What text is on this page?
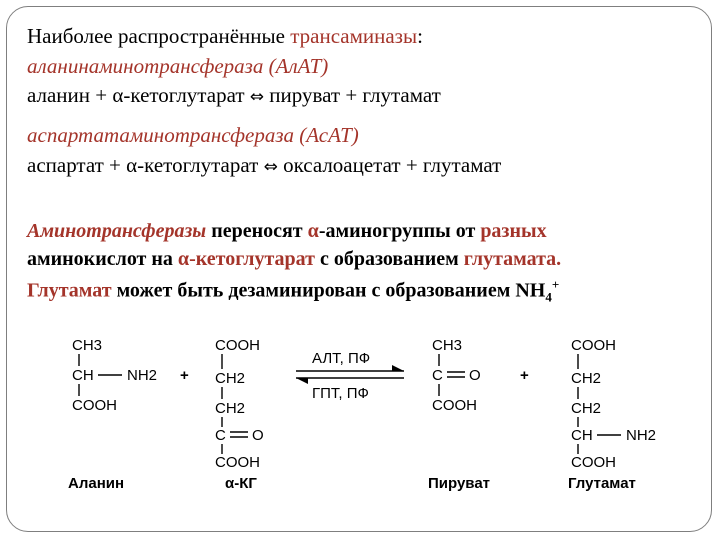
Наиболее распространённые трансаминазы:
аланинаминотрансфераза (АлАТ)
аланин + α-кетоглутарат ⇔ пируват + глутамат
аспартатаминотрансфераза (АсАТ)
аспартат + α-кетоглутарат ⇔ оксалоацетат + глутамат
Аминотрансферазы переносят α-аминогруппы от разных
аминокислот на α-кетоглутарат с образованием глутамата.
Глутамат может быть дезаминирован с образованием $NH_4^+$
CH3
CH NH2
COOH
Аланин
+
COOH
CH2
CH2
C O
COOH
α-КГ
АЛТ, ПФ
ГПТ, ПФ
CH3
C O
COOH
Пируват
+
COOH
CH2
CH2
CH NH2
COOH
Глутамат
